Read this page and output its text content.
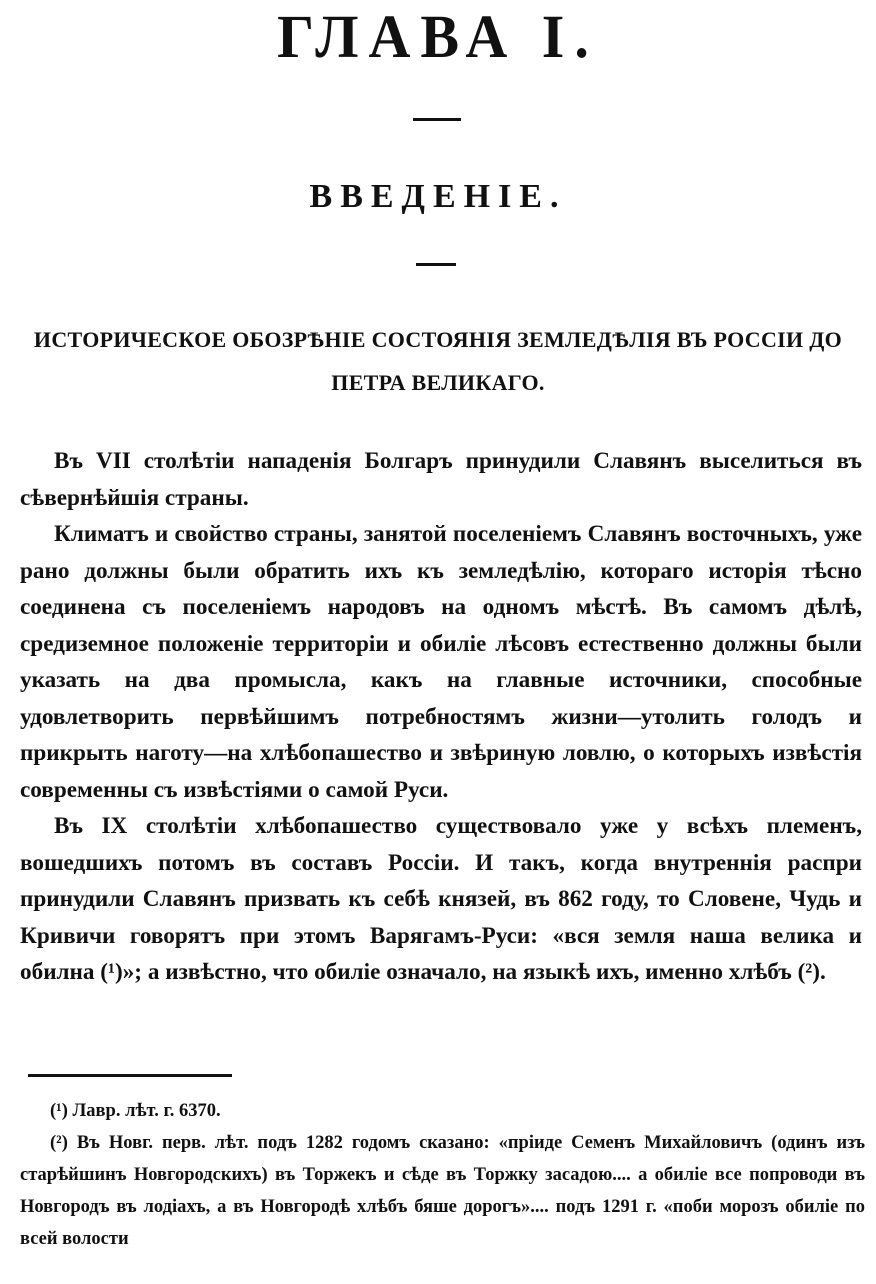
ГЛАВА I.
ВВЕДЕНІЕ.
ИСТОРИЧЕСКОЕ ОБОЗРѢНІЕ СОСТОЯНІЯ ЗЕМЛЕДѢЛІЯ ВЪ РОССІИ ДО ПЕТРА ВЕЛИКАГО.

Въ VII столѣтіи нападенія Болгаръ принудили Славянъ выселиться въ сѣвернѣйшія страны.

Климатъ и свойство страны, занятой поселеніемъ Славянъ восточныхъ, уже рано должны были обратить ихъ къ земледѣлію, котораго исторія тѣсно соединена съ поселеніемъ народовъ на одномъ мѣстѣ. Въ самомъ дѣлѣ, средиземное положеніе территоріи и обиліе лѣсовъ естественно должны были указать на два промысла, какъ на главные источники, способные удовлетворить первѣйшимъ потребностямъ жизни—утолить голодъ и прикрыть наготу—на хлѣбопашество и звѣриную ловлю, о которыхъ извѣстія современны съ извѣстіями о самой Руси.

Въ IX столѣтіи хлѣбопашество существовало уже у всѣхъ племенъ, вошедшихъ потомъ въ составъ Россіи. И такъ, когда внутреннія распри принудили Славянъ призвать къ себѣ князей, въ 862 году, то Словене, Чудь и Кривичи говорятъ при этомъ Варягамъ-Руси: «вся земля наша велика и обилна (¹)»; а извѣстно, что обиліе означало, на языкѣ ихъ, именно хлѣбъ (²).

(¹) Лавр. лѣт. г. 6370.

(²) Въ Новг. перв. лѣт. подъ 1282 годомъ сказано: «пріиде Семенъ Михайловичъ (одинъ изъ старѣйшинъ Новгородскихъ) въ Торжекъ и сѣде въ Торжку засадою.... а обиліе все попроводи въ Новгородъ въ лодіахъ, а въ Новгородѣ хлѣбъ бяше дорогъ».... подъ 1291 г. «поби морозъ обиліе по всей волости
